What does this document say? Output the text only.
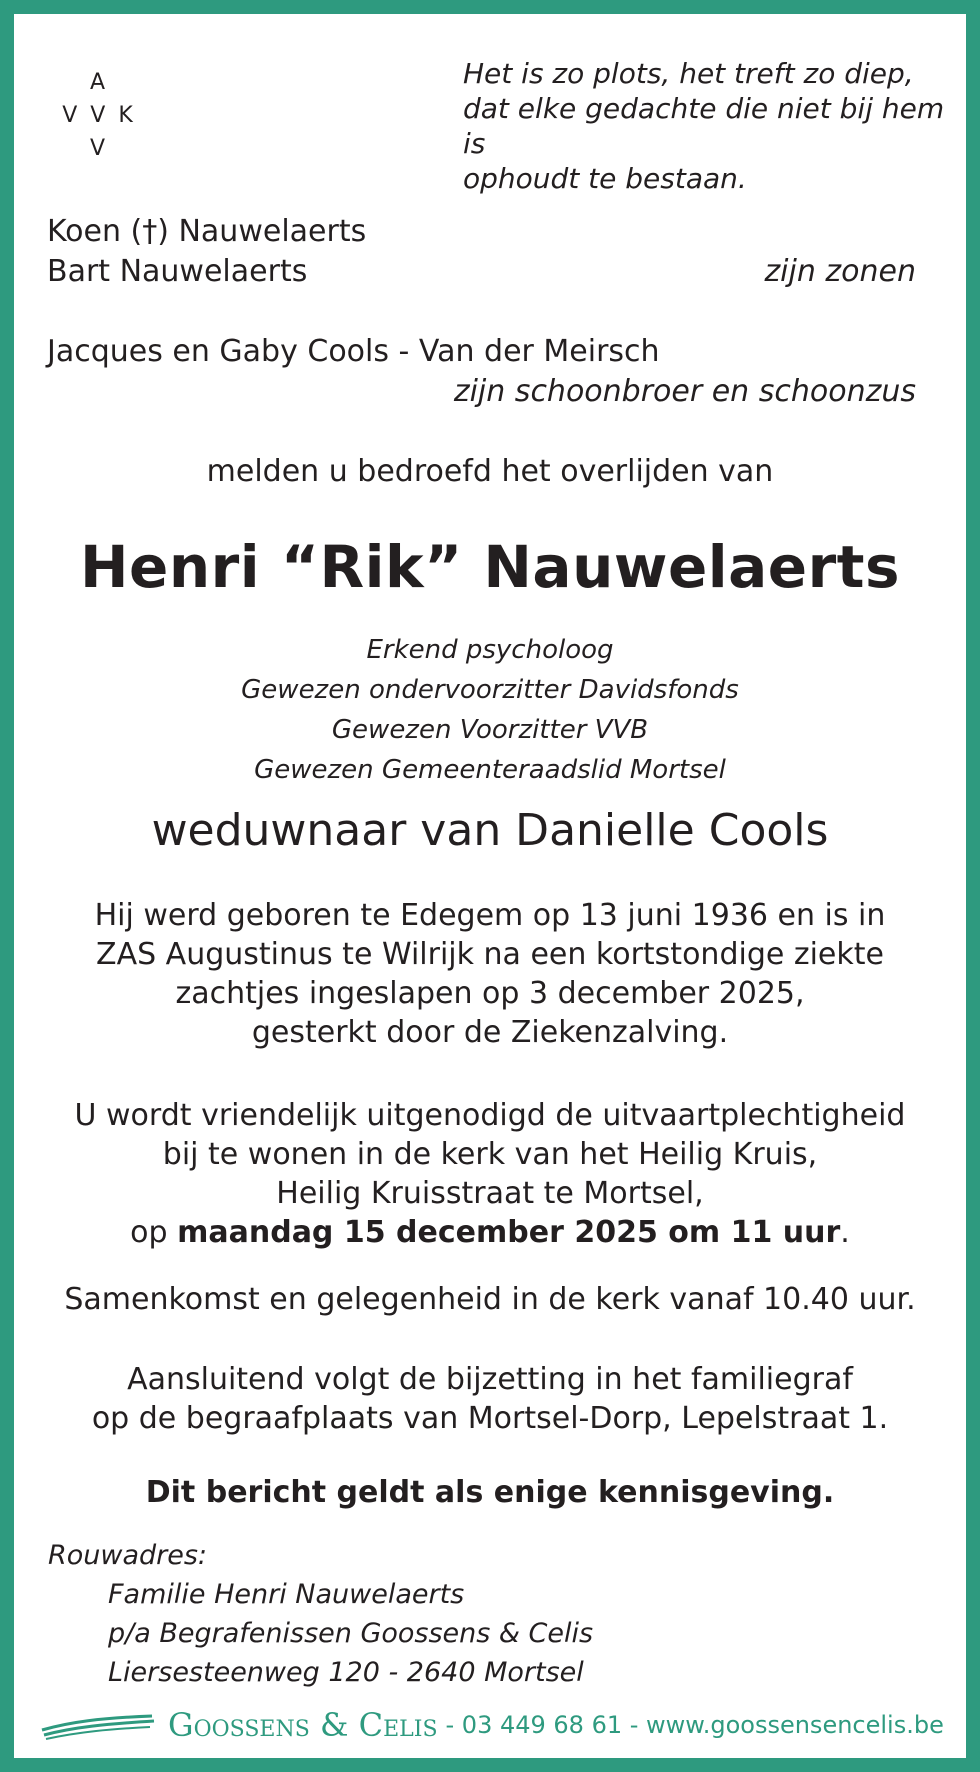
A
V V K
V
Het is zo plots, het treft zo diep,
dat elke gedachte die niet bij hem is
ophoudt te bestaan.
Koen (†) Nauwelaerts
Bart Nauwelaerts	zijn zonen
Jacques en Gaby Cools - Van der Meirsch
zijn schoonbroer en schoonzus
melden u bedroefd het overlijden van
Henri “Rik” Nauwelaerts
Erkend psycholoog
Gewezen ondervoorzitter Davidsfonds
Gewezen Voorzitter VVB
Gewezen Gemeenteraadslid Mortsel
weduwnaar van Danielle Cools
Hij werd geboren te Edegem op 13 juni 1936 en is in
ZAS Augustinus te Wilrijk na een kortstondige ziekte
zachtjes ingeslapen op 3 december 2025,
gesterkt door de Ziekenzalving.
U wordt vriendelijk uitgenodigd de uitvaartplechtigheid
bij te wonen in de kerk van het Heilig Kruis,
Heilig Kruisstraat te Mortsel,
op maandag 15 december 2025 om 11 uur.
Samenkomst en gelegenheid in de kerk vanaf 10.40 uur.
Aansluitend volgt de bijzetting in het familiegraf
op de begraafplaats van Mortsel-Dorp, Lepelstraat 1.
Dit bericht geldt als enige kennisgeving.
Rouwadres:
Familie Henri Nauwelaerts
p/a Begrafenissen Goossens & Celis
Liersesteenweg 120 - 2640 Mortsel
Goossens & Celis - 03 449 68 61 - www.goossensencelis.be
